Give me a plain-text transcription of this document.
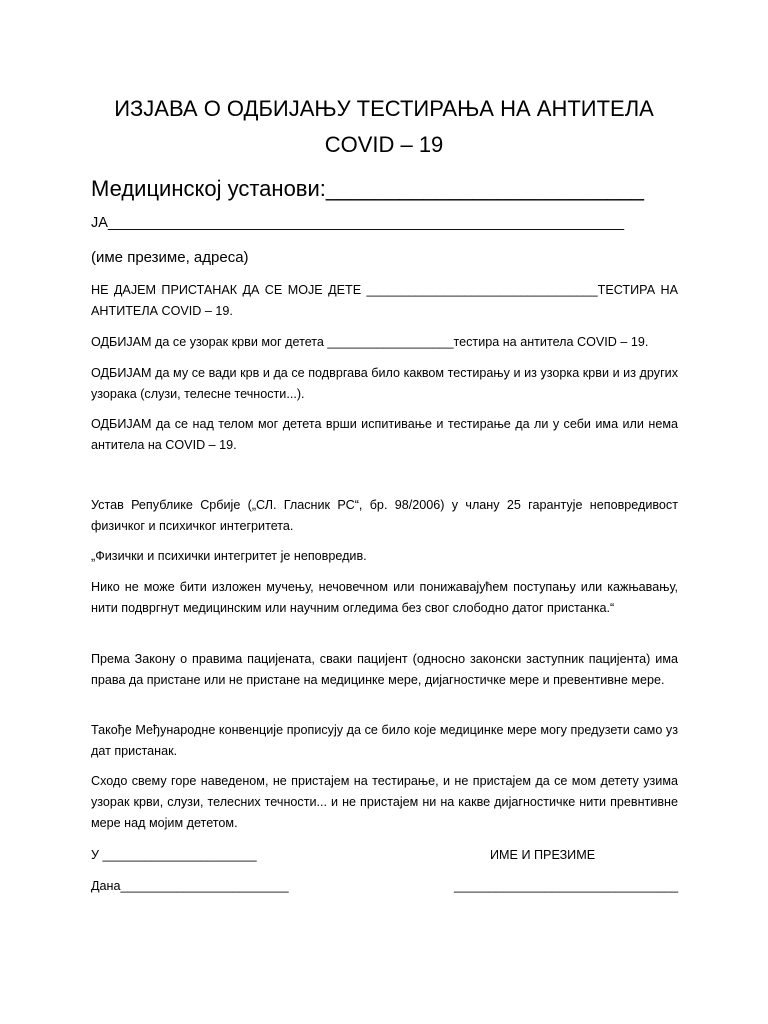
ИЗЈАВА О ОДБИЈАЊУ ТЕСТИРАЊА НА АНТИТЕЛА
COVID – 19
Медицинској установи:__________________________
ЈА________________________________________________________________
(име презиме, адреса)

НЕ ДАЈЕМ ПРИСТАНАК ДА СЕ МОЈЕ ДЕТЕ _________________________________ТЕСТИРА НА АНТИТЕЛА COVID – 19.

ОДБИЈАМ да се узорак крви мог детета __________________тестира на антитела COVID – 19.

ОДБИЈАМ да му се вади крв и да се подвргава било каквом тестирању и из узорка крви и из других узорака (слузи, телесне течности...).

ОДБИЈАМ да се над телом мог детета врши испитивање и тестирање да ли у себи има или нема антитела на COVID – 19.

Устав Републике Србије („СЛ. Гласник РС“, бр. 98/2006) у члану 25 гарантује неповредивост физичког и психичког интегритета.

„Физички и психички интегритет је неповредив.

Нико не може бити изложен мучењу, нечовечном или понижавајућем поступању или кажњавању, нити подвргнут медицинским или научним огледима без свог слободно датог пристанка.“

Према Закону о правима пацијената, сваки пацијент (односно законски заступник пацијента) има права да пристане или не пристане на медицинке мере, дијагностичке мере и превентивне мере.

Такође Међународне конвенције прописују да се било које медицинке мере могу предузети само уз дат пристанак.

Сходо свему горе наведеном, не пристајем на тестирање, и не пристајем да се мом детету узима узорак крви, слузи, телесних течности... и не пристајем ни на какве дијагностичке нити превнтивне мере над мојим дететом.

У ______________________	ИМЕ И ПРЕЗИМЕ
Дана________________________	________________________________
